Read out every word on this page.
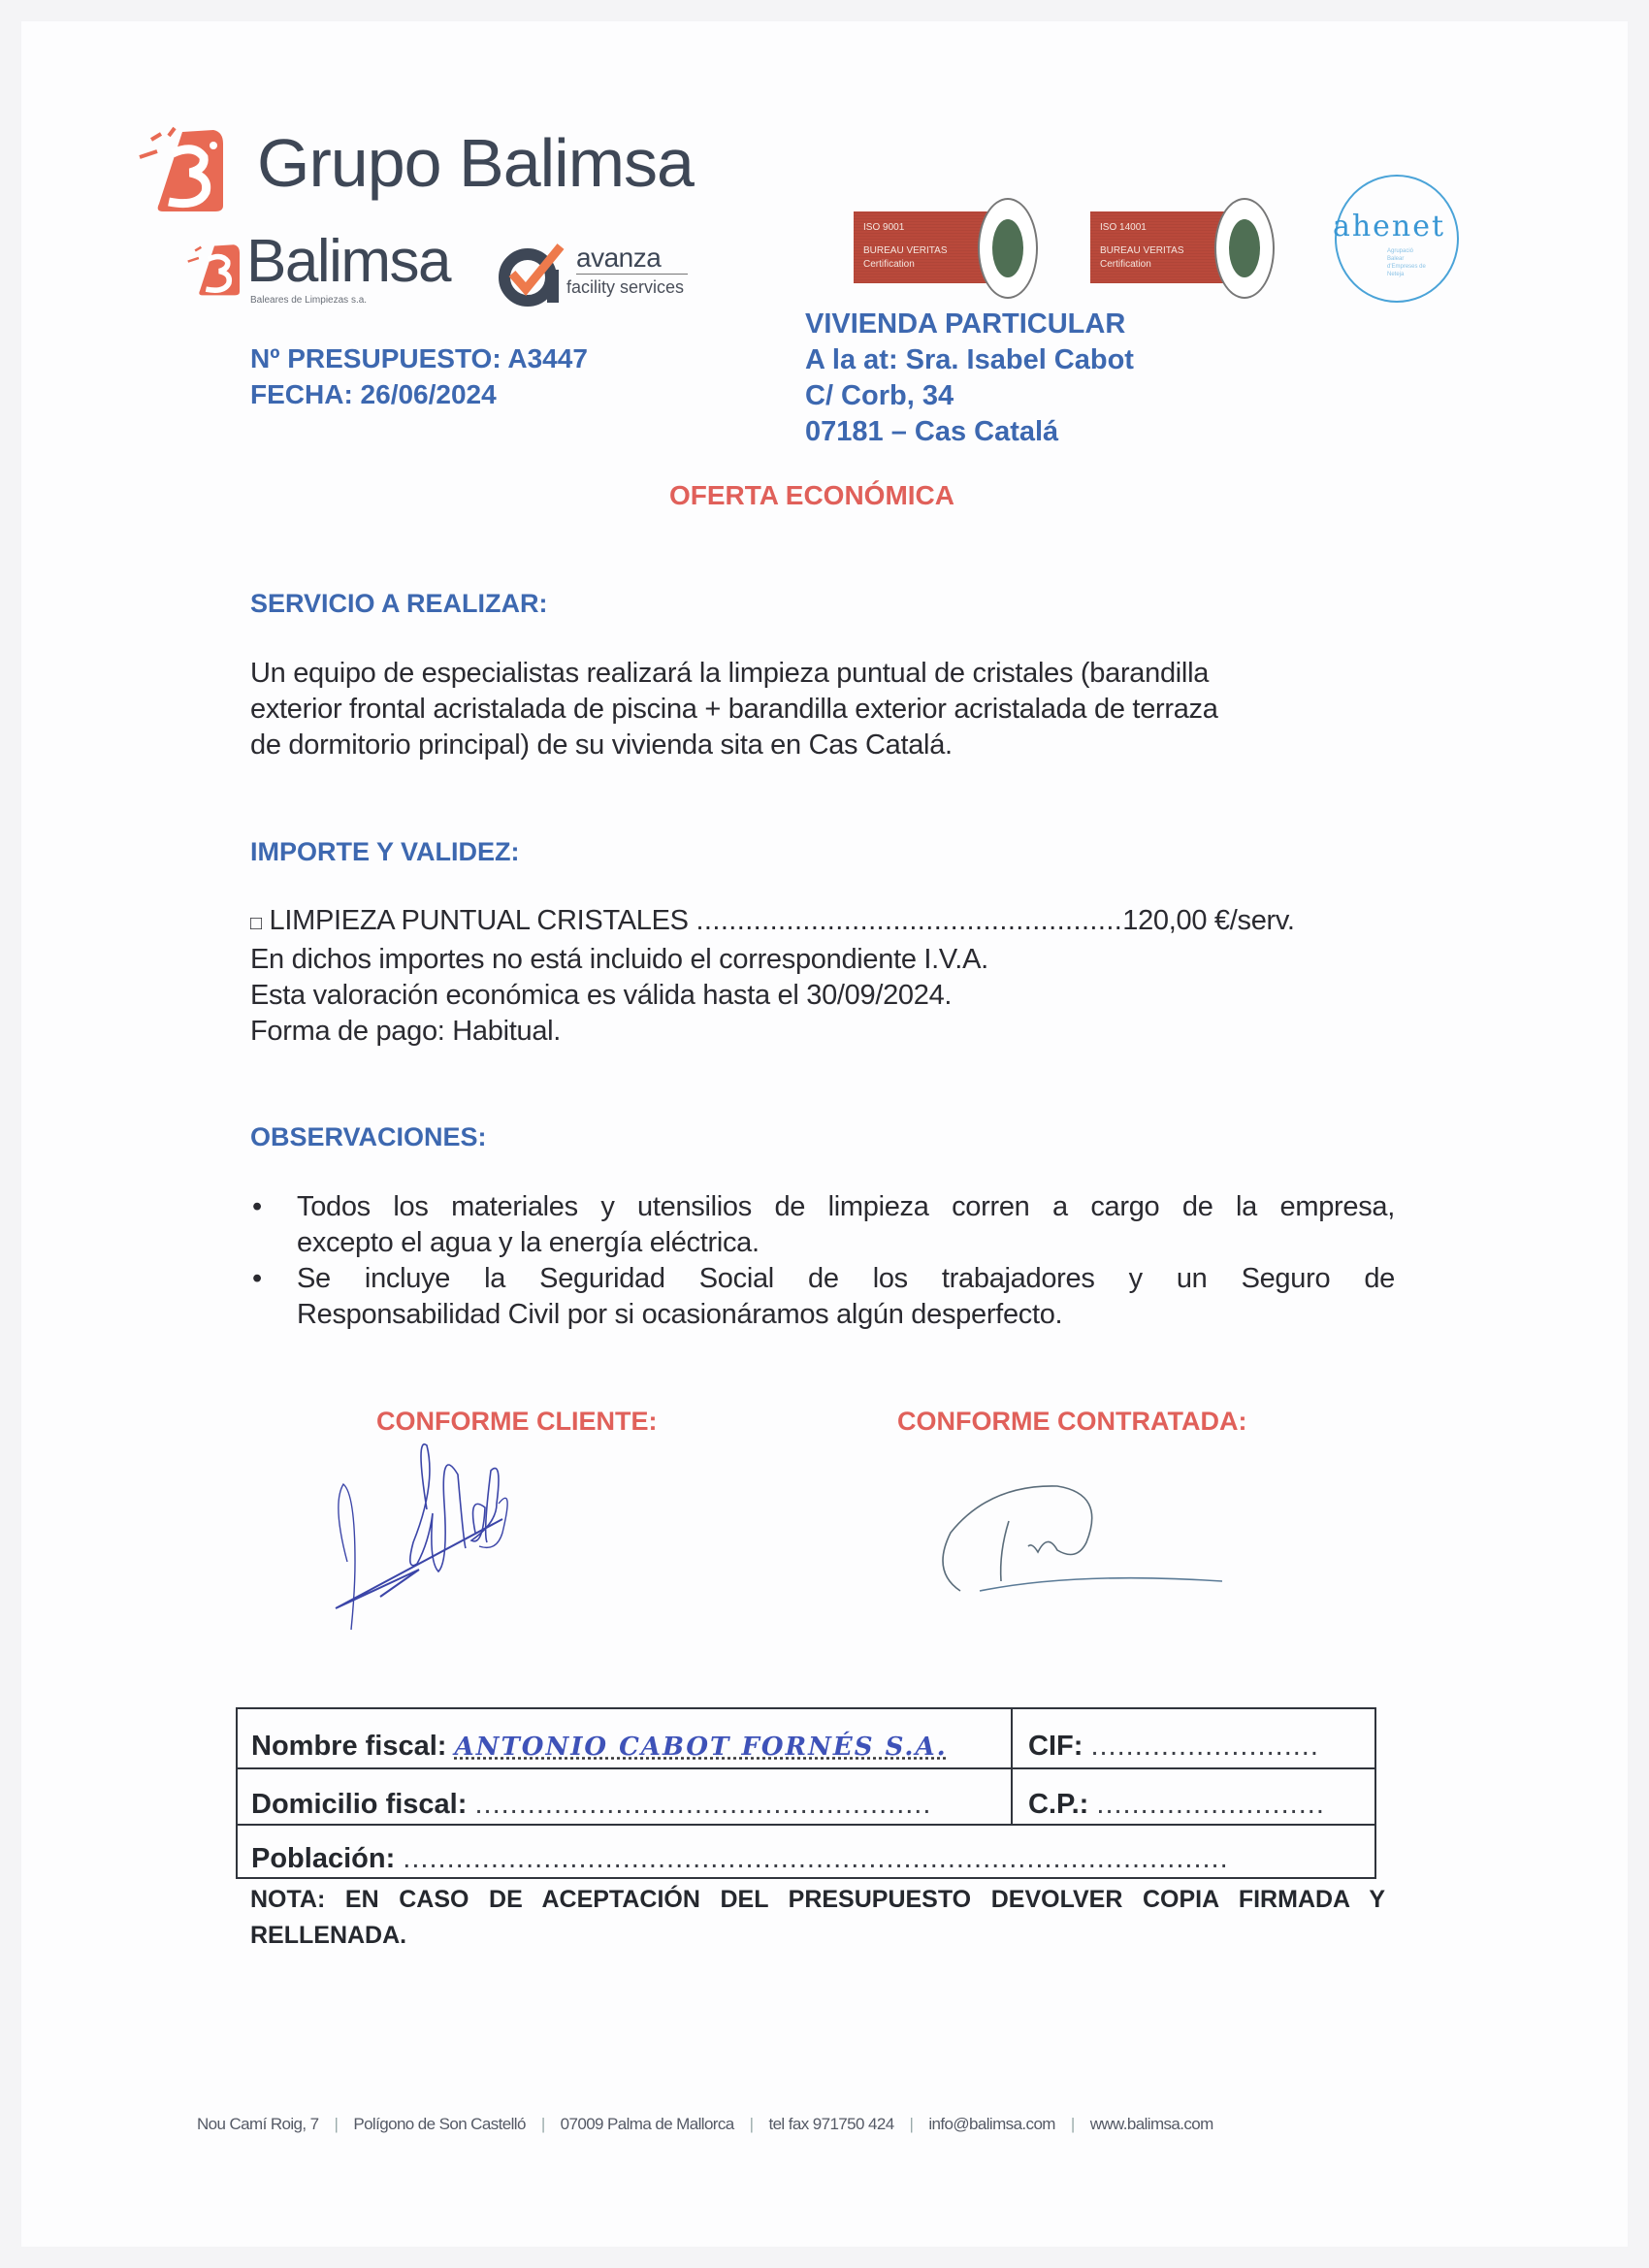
Grupo Balimsa
Balimsa
Baleares de Limpiezas s.a.
avanza
facility services
ISO 9001
BUREAU VERITAS
Certification
ISO 14001
BUREAU VERITAS
Certification
ahenet
Agrupació Balear d'Empreses de Neteja
Nº PRESUPUESTO: A3447
FECHA: 26/06/2024
VIVIENDA PARTICULAR
A la at: Sra. Isabel Cabot
C/ Corb, 34
07181 – Cas Catalá
OFERTA ECONÓMICA
SERVICIO A REALIZAR:
Un equipo de especialistas realizará la limpieza puntual de cristales (barandilla
exterior frontal acristalada de piscina + barandilla exterior acristalada de terraza
de dormitorio principal) de su vivienda sita en Cas Catalá.
IMPORTE Y VALIDEZ:
□ LIMPIEZA PUNTUAL CRISTALES ....................................................120,00 €/serv.
En dichos importes no está incluido el correspondiente I.V.A.
Esta valoración económica es válida hasta el 30/09/2024.
Forma de pago: Habitual.
OBSERVACIONES:
• Todos los materiales y utensilios de limpieza corren a cargo de la empresa,
excepto el agua y la energía eléctrica.
• Se incluye la Seguridad Social de los trabajadores y un Seguro de
Responsabilidad Civil por si ocasionáramos algún desperfecto.
CONFORME CLIENTE:	CONFORME CONTRATADA:
Nombre fiscal: ANTONIO CABOT FORNÉS S.A.	CIF: ..........................
Domicilio fiscal: ....................................................	C.P.: ..........................
Población: ..............................................................................................
NOTA: EN CASO DE ACEPTACIÓN DEL PRESUPUESTO DEVOLVER COPIA FIRMADA Y
RELLENADA.
Nou Camí Roig, 7 | Polígono de Son Castelló | 07009 Palma de Mallorca | tel fax 971750 424 | info@balimsa.com | www.balimsa.com
